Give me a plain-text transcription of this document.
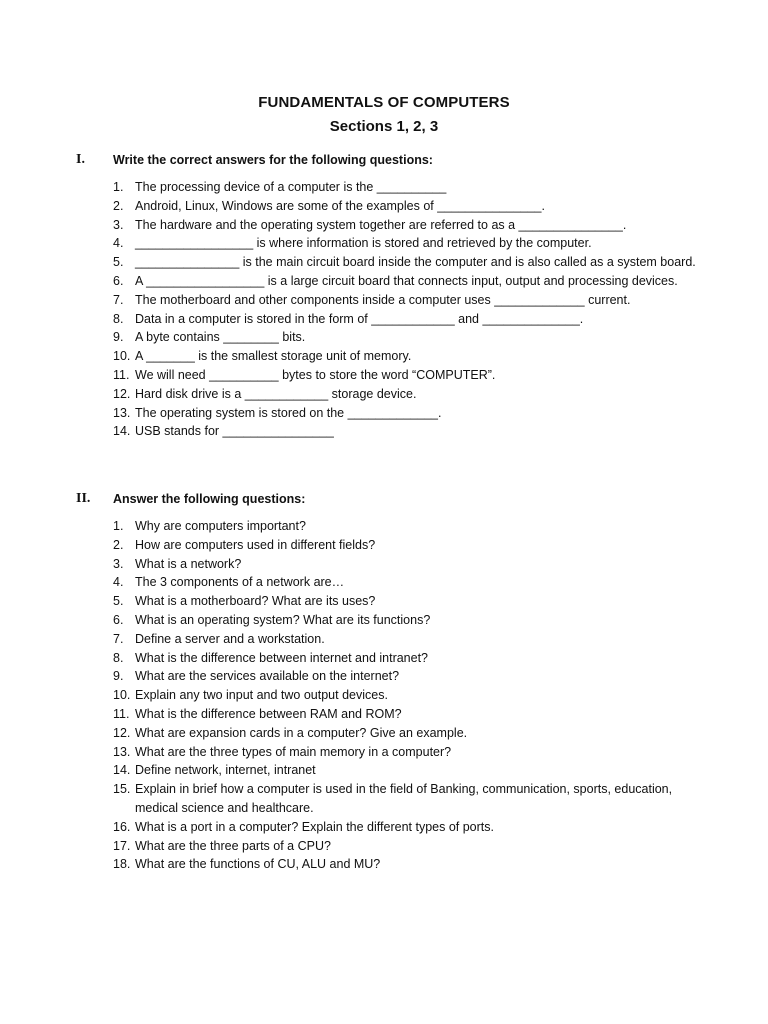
FUNDAMENTALS OF COMPUTERS
Sections 1, 2, 3
I. Write the correct answers for the following questions:
1. The processing device of a computer is the __________
2. Android, Linux, Windows are some of the examples of _______________.
3. The hardware and the operating system together are referred to as a _______________.
4. _________________ is where information is stored and retrieved by the computer.
5. _______________ is the main circuit board inside the computer and is also called as a system board.
6. A _________________ is a large circuit board that connects input, output and processing devices.
7. The motherboard and other components inside a computer uses _____________ current.
8. Data in a computer is stored in the form of ____________ and ______________.
9. A byte contains ________ bits.
10. A _______ is the smallest storage unit of memory.
11. We will need __________ bytes to store the word “COMPUTER”.
12. Hard disk drive is a ____________ storage device.
13. The operating system is stored on the _____________.
14. USB stands for ________________
II. Answer the following questions:
1. Why are computers important?
2. How are computers used in different fields?
3. What is a network?
4. The 3 components of a network are…
5. What is a motherboard? What are its uses?
6. What is an operating system? What are its functions?
7. Define a server and a workstation.
8. What is the difference between internet and intranet?
9. What are the services available on the internet?
10. Explain any two input and two output devices.
11. What is the difference between RAM and ROM?
12. What are expansion cards in a computer? Give an example.
13. What are the three types of main memory in a computer?
14. Define network, internet, intranet
15. Explain in brief how a computer is used in the field of Banking, communication, sports, education, medical science and healthcare.
16. What is a port in a computer? Explain the different types of ports.
17. What are the three parts of a CPU?
18. What are the functions of CU, ALU and MU?
